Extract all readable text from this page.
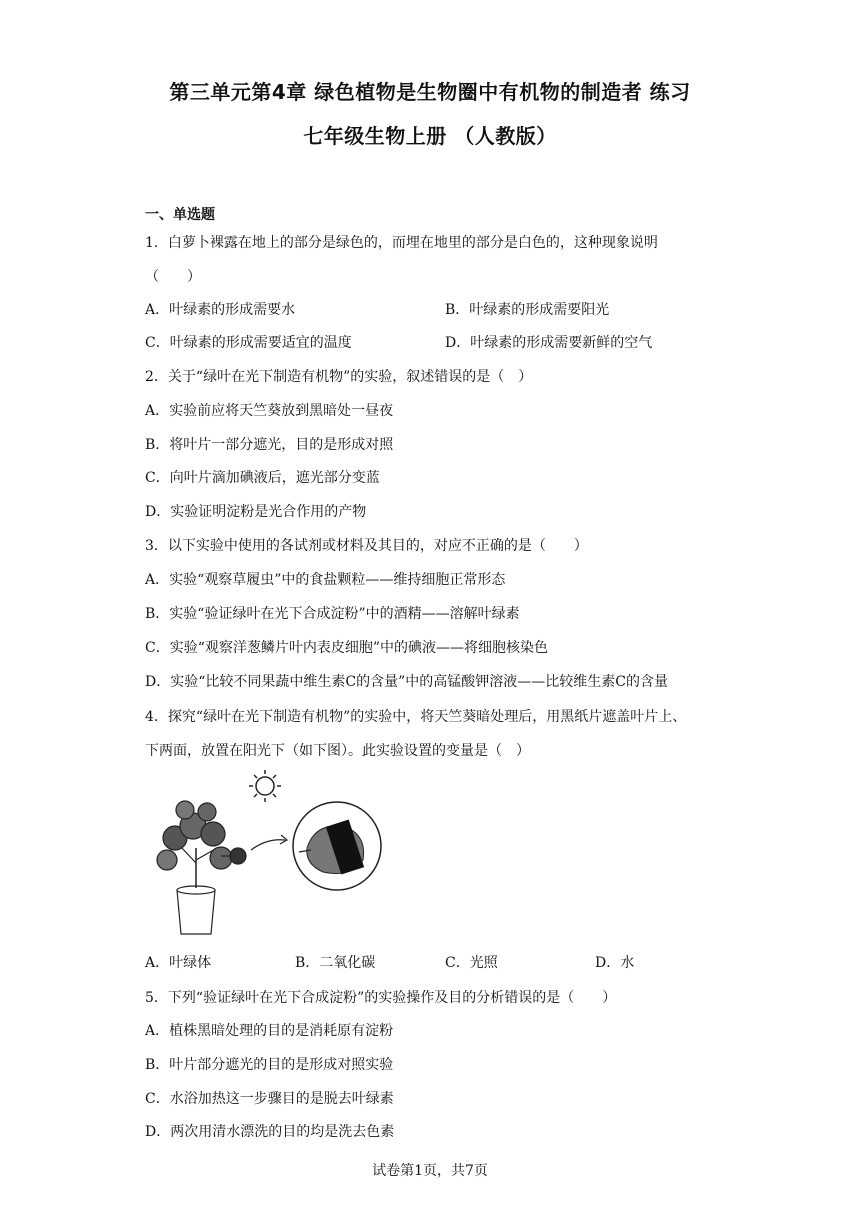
第三单元第4章 绿色植物是生物圈中有机物的制造者 练习
七年级生物上册 （人教版）
一、单选题
1．白萝卜裸露在地上的部分是绿色的，而埋在地里的部分是白色的，这种现象说明
（　　）
A．叶绿素的形成需要水	B．叶绿素的形成需要阳光
C．叶绿素的形成需要适宜的温度	D．叶绿素的形成需要新鲜的空气
2．关于“绿叶在光下制造有机物”的实验，叙述错误的是（　）
A．实验前应将天竺葵放到黑暗处一昼夜
B．将叶片一部分遮光，目的是形成对照
C．向叶片滴加碘液后，遮光部分变蓝
D．实验证明淀粉是光合作用的产物
3．以下实验中使用的各试剂或材料及其目的，对应不正确的是（　　）
A．实验“观察草履虫”中的食盐颗粒——维持细胞正常形态
B．实验“验证绿叶在光下合成淀粉”中的酒精——溶解叶绿素
C．实验“观察洋葱鳞片叶内表皮细胞”中的碘液——将细胞核染色
D．实验“比较不同果蔬中维生素C的含量”中的高锰酸钾溶液——比较维生素C的含量
4．探究“绿叶在光下制造有机物”的实验中，将天竺葵暗处理后，用黑纸片遮盖叶片上、
下两面，放置在阳光下（如下图）。此实验设置的变量是（　）
A．叶绿体	B．二氧化碳	C．光照	D．水
5．下列“验证绿叶在光下合成淀粉”的实验操作及目的分析错误的是（　　）
A．植株黑暗处理的目的是消耗原有淀粉
B．叶片部分遮光的目的是形成对照实验
C．水浴加热这一步骤目的是脱去叶绿素
D．两次用清水漂洗的目的均是洗去色素
试卷第1页，共7页
